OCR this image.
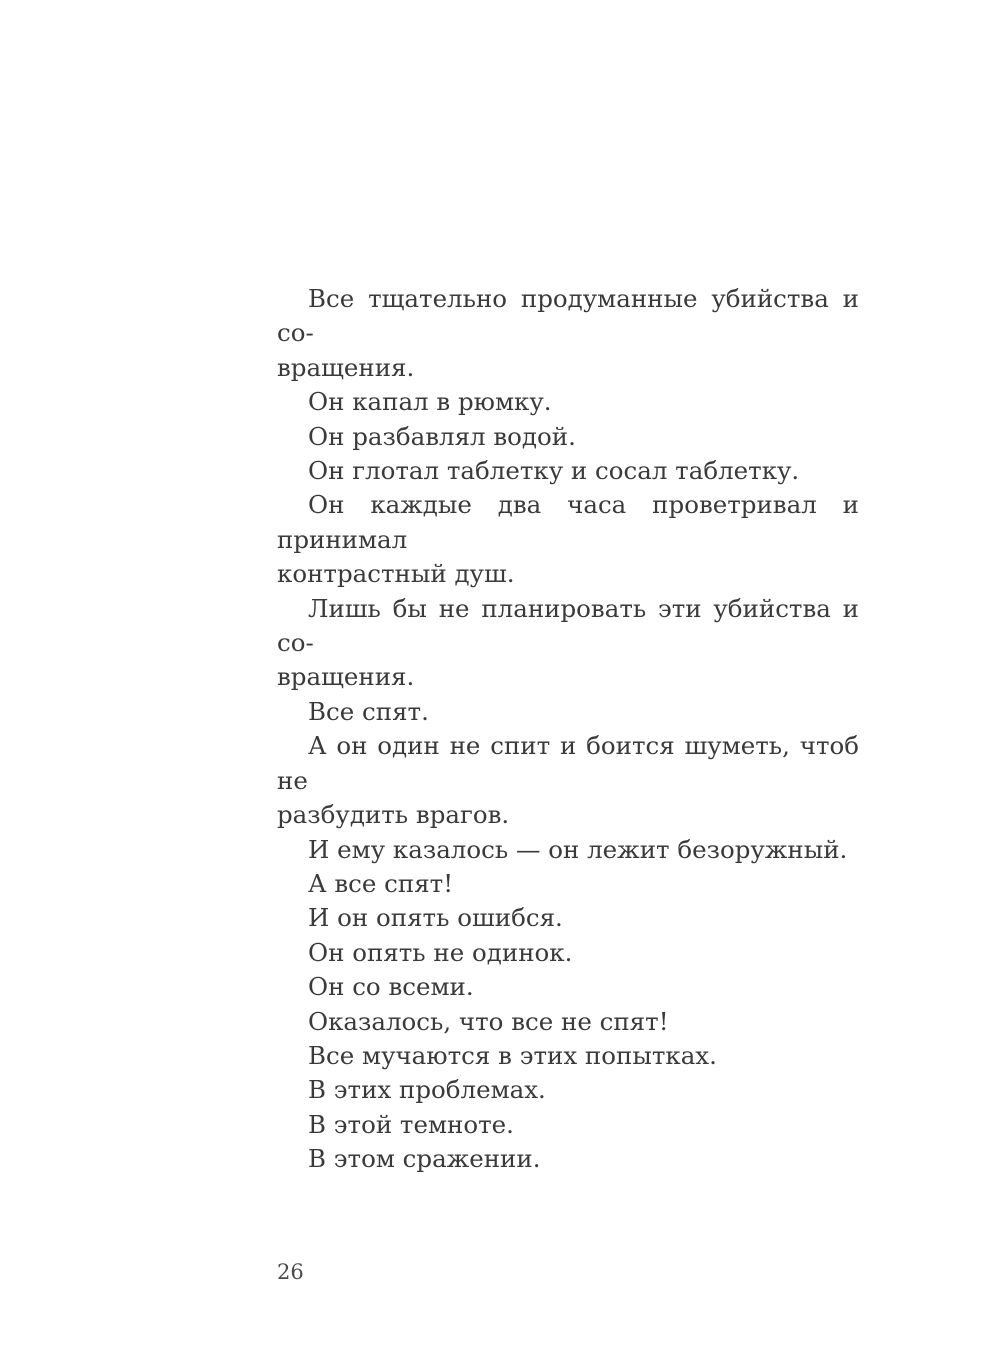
Все тщательно продуманные убийства и со-
вращения.
Он капал в рюмку.
Он разбавлял водой.
Он глотал таблетку и сосал таблетку.
Он каждые два часа проветривал и принимал
контрастный душ.
Лишь бы не планировать эти убийства и со-
вращения.
Все спят.
А он один не спит и боится шуметь, чтоб не
разбудить врагов.
И ему казалось — он лежит безоружный.
А все спят!
И он опять ошибся.
Он опять не одинок.
Он со всеми.
Оказалось, что все не спят!
Все мучаются в этих попытках.
В этих проблемах.
В этой темноте.
В этом сражении.
26
